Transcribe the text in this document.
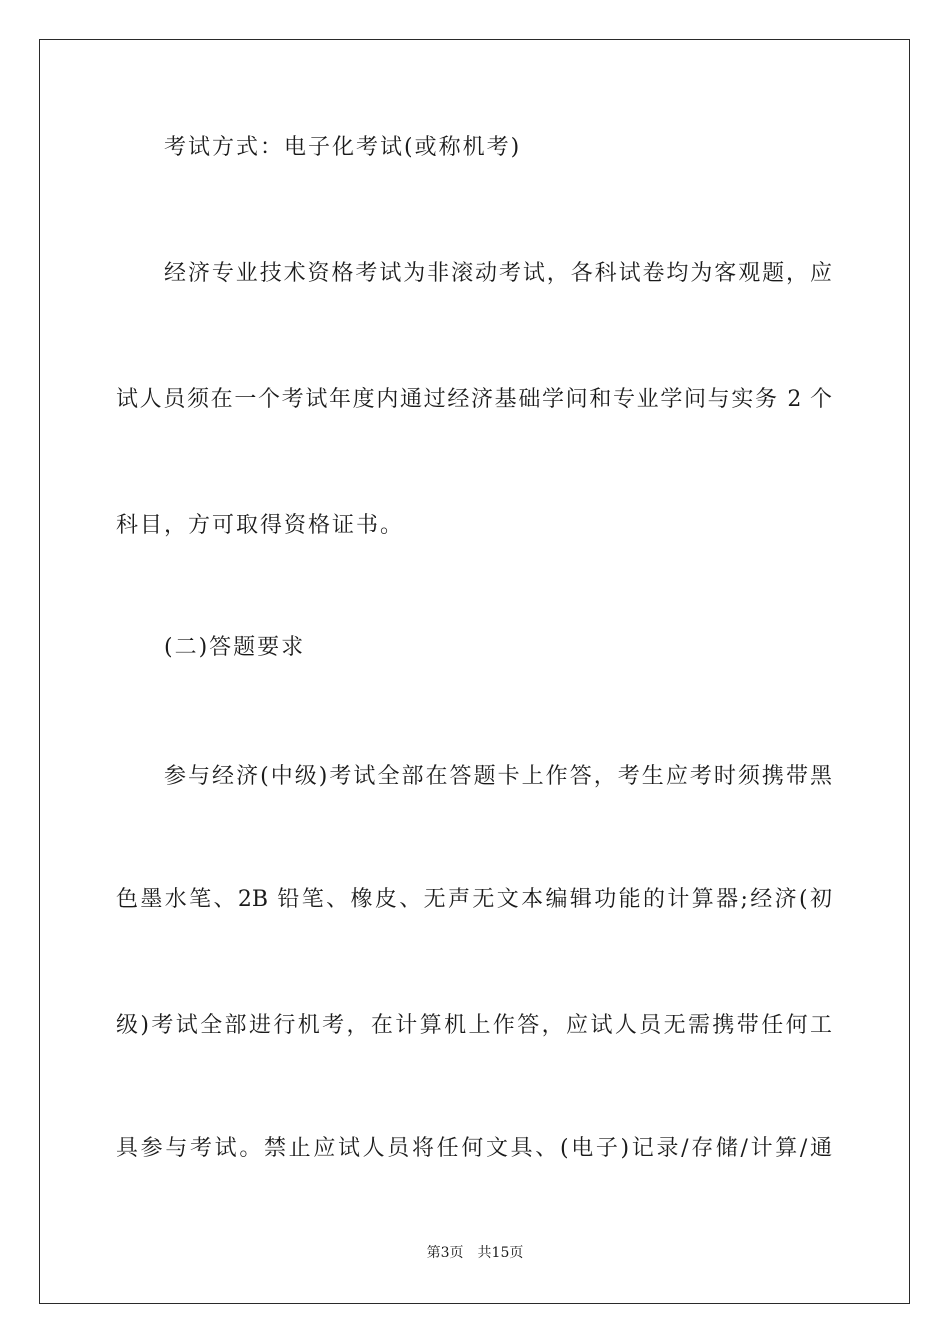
考试方式：电子化考试(或称机考)
经济专业技术资格考试为非滚动考试，各科试卷均为客观题，应
试人员须在一个考试年度内通过经济基础学问和专业学问与实务 2 个
科目，方可取得资格证书。
(二)答题要求
参与经济(中级)考试全部在答题卡上作答，考生应考时须携带黑
色墨水笔、2B 铅笔、橡皮、无声无文本编辑功能的计算器;经济(初
级)考试全部进行机考，在计算机上作答，应试人员无需携带任何工
具参与考试。禁止应试人员将任何文具、(电子)记录/存储/计算/通
第3页 共15页
